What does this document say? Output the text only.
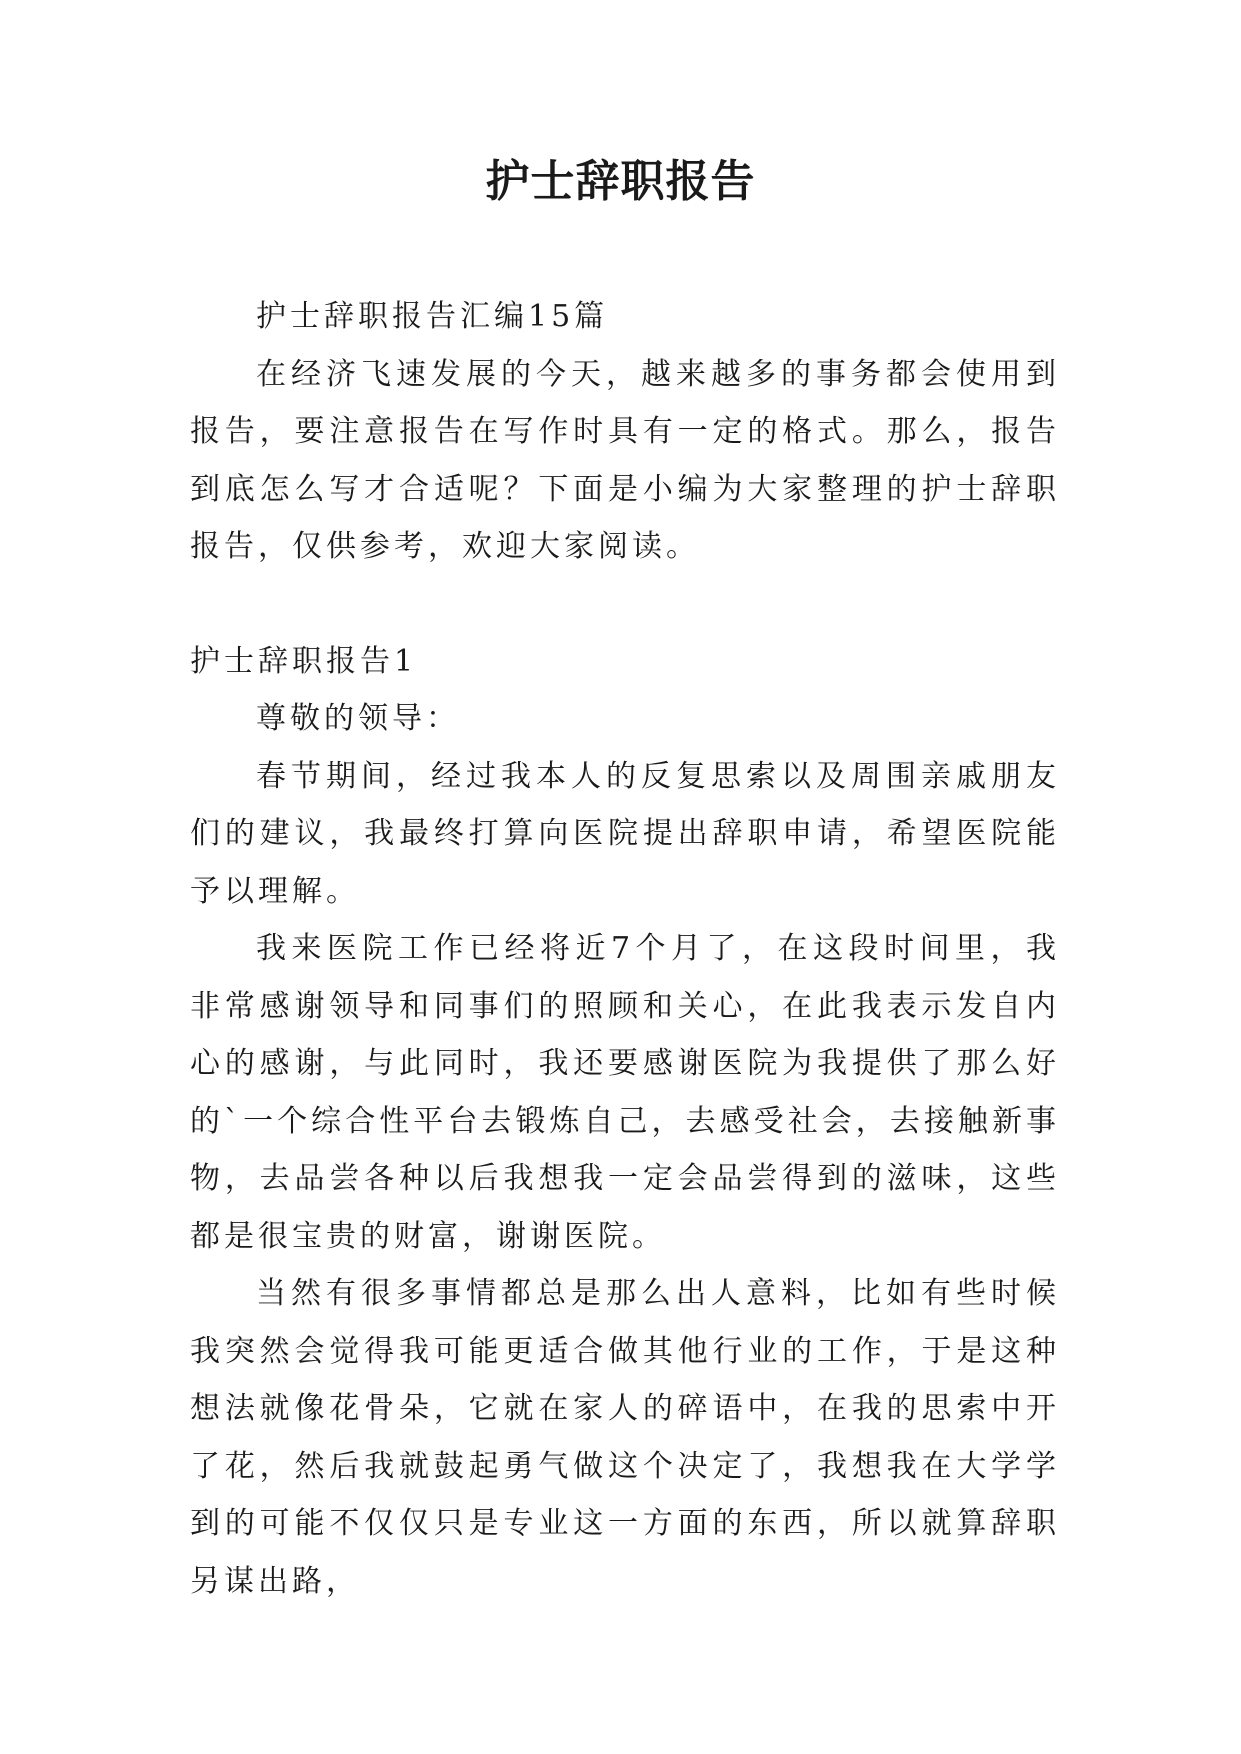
护士辞职报告

护士辞职报告汇编15篇

在经济飞速发展的今天，越来越多的事务都会使用到报告，要注意报告在写作时具有一定的格式。那么，报告到底怎么写才合适呢？下面是小编为大家整理的护士辞职报告，仅供参考，欢迎大家阅读。

护士辞职报告1

尊敬的领导：

春节期间，经过我本人的反复思索以及周围亲戚朋友们的建议，我最终打算向医院提出辞职申请，希望医院能予以理解。

我来医院工作已经将近7个月了，在这段时间里，我非常感谢领导和同事们的照顾和关心，在此我表示发自内心的感谢，与此同时，我还要感谢医院为我提供了那么好的`一个综合性平台去锻炼自己，去感受社会，去接触新事物，去品尝各种以后我想我一定会品尝得到的滋味，这些都是很宝贵的财富，谢谢医院。

当然有很多事情都总是那么出人意料，比如有些时候我突然会觉得我可能更适合做其他行业的工作，于是这种想法就像花骨朵，它就在家人的碎语中，在我的思索中开了花，然后我就鼓起勇气做这个决定了，我想我在大学学到的可能不仅仅只是专业这一方面的东西，所以就算辞职另谋出路，
